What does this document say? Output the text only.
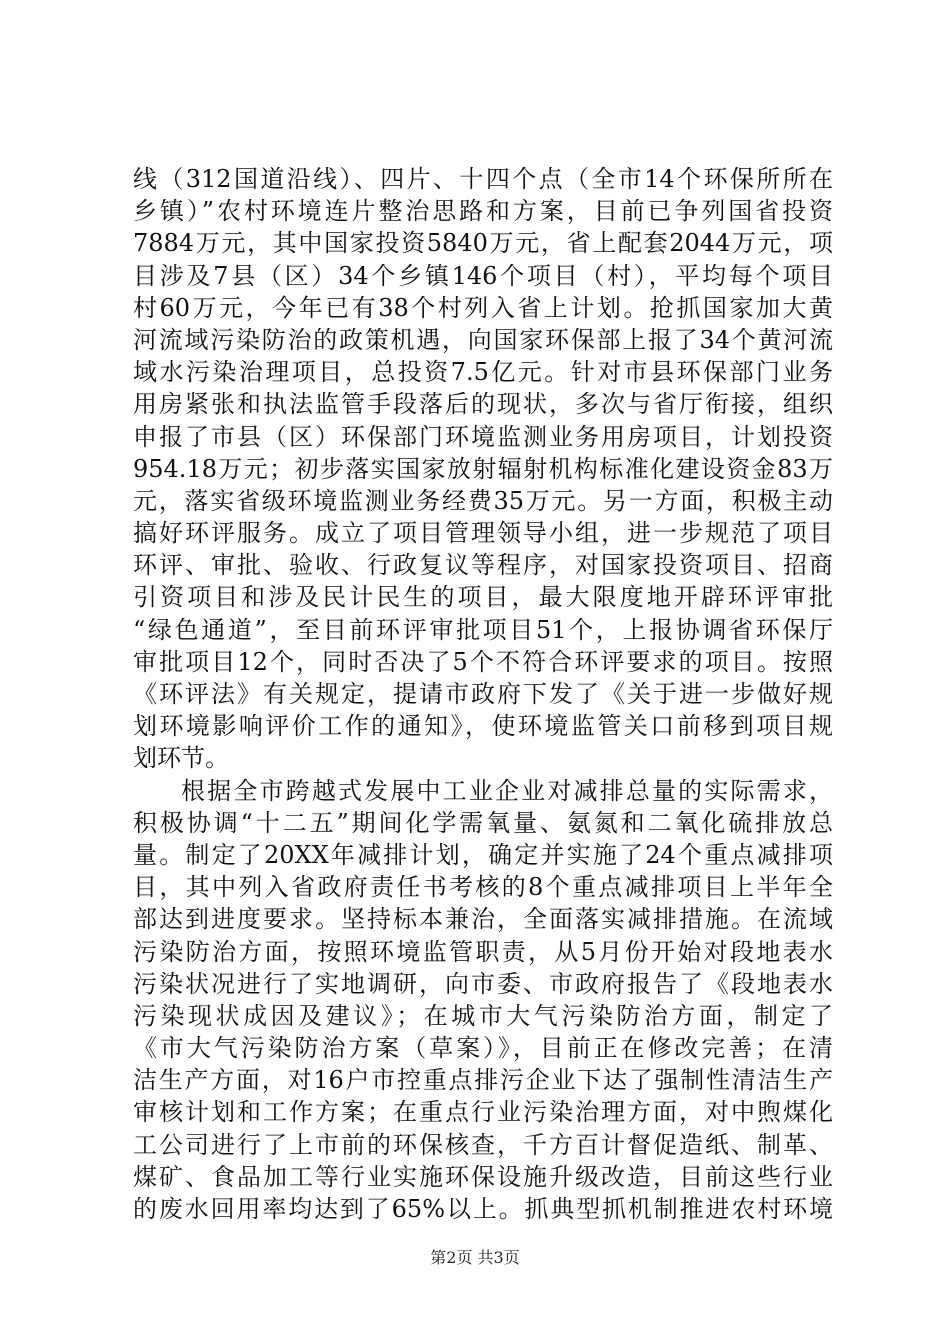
线（312国道沿线）、四片、十四个点（全市14个环保所所在
乡镇）”农村环境连片整治思路和方案，目前已争列国省投资
7884万元，其中国家投资5840万元，省上配套2044万元，项
目涉及7县（区）34个乡镇146个项目（村），平均每个项目
村60万元，今年已有38个村列入省上计划。抢抓国家加大黄
河流域污染防治的政策机遇，向国家环保部上报了34个黄河流
域水污染治理项目，总投资7.5亿元。针对市县环保部门业务
用房紧张和执法监管手段落后的现状，多次与省厅衔接，组织
申报了市县（区）环保部门环境监测业务用房项目，计划投资
954.18万元；初步落实国家放射辐射机构标准化建设资金83万
元，落实省级环境监测业务经费35万元。另一方面，积极主动
搞好环评服务。成立了项目管理领导小组，进一步规范了项目
环评、审批、验收、行政复议等程序，对国家投资项目、招商
引资项目和涉及民计民生的项目，最大限度地开辟环评审批
“绿色通道”，至目前环评审批项目51个，上报协调省环保厅
审批项目12个，同时否决了5个不符合环评要求的项目。按照
《环评法》有关规定，提请市政府下发了《关于进一步做好规
划环境影响评价工作的通知》，使环境监管关口前移到项目规
划环节。
根据全市跨越式发展中工业企业对减排总量的实际需求，
积极协调“十二五”期间化学需氧量、氨氮和二氧化硫排放总
量。制定了20XX年减排计划，确定并实施了24个重点减排项
目，其中列入省政府责任书考核的8个重点减排项目上半年全
部达到进度要求。坚持标本兼治，全面落实减排措施。在流域
污染防治方面，按照环境监管职责，从5月份开始对段地表水
污染状况进行了实地调研，向市委、市政府报告了《段地表水
污染现状成因及建议》；在城市大气污染防治方面，制定了
《市大气污染防治方案（草案）》，目前正在修改完善；在清
洁生产方面，对16户市控重点排污企业下达了强制性清洁生产
审核计划和工作方案；在重点行业污染治理方面，对中煦煤化
工公司进行了上市前的环保核查，千方百计督促造纸、制革、
煤矿、食品加工等行业实施环保设施升级改造，目前这些行业
的废水回用率均达到了65%以上。抓典型抓机制推进农村环境
第2页 共3页
